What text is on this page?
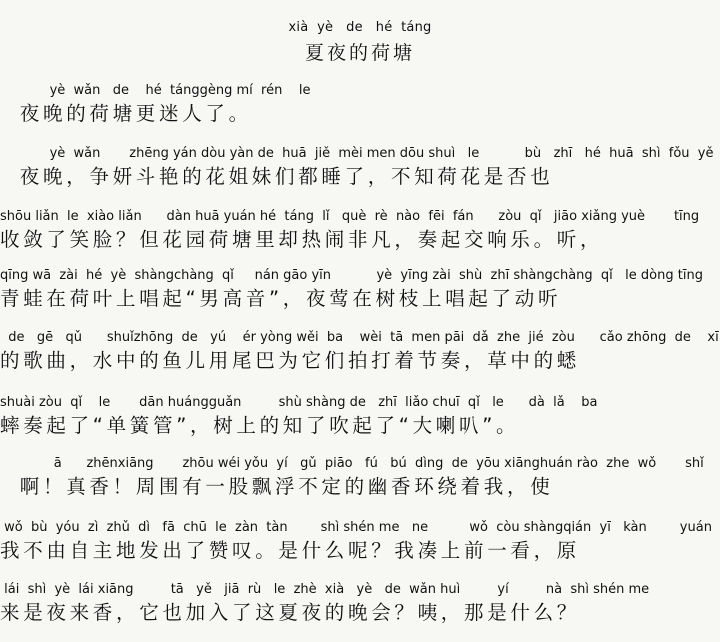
xià  yè   de   hé  táng
夏夜的荷塘
yè  wǎn   de    hé  tánggèng mí  rén    le
夜晚的荷塘更迷人了。
yè  wǎn       zhēng yán dòu yàn de  huā  jiě  mèi men dōu shuì   le           bù   zhī   hé  huā  shì  fǒu  yě
夜晚，争妍斗艳的花姐妹们都睡了，不知荷花是否也
shōu liǎn  le  xiào liǎn      dàn huā yuán hé  táng  lǐ   què  rè  nào  fēi  fán      zòu  qǐ   jiāo xiǎng yuè       tīng
收敛了笑脸？但花园荷塘里却热闹非凡，奏起交响乐。听，
qīng wā  zài  hé  yè  shàngchàng  qǐ     nán gāo yīn           yè  yīng zài  shù  zhī shàngchàng  qǐ   le dòng tīng
青蛙在荷叶上唱起“男高音”，夜莺在树枝上唱起了动听
de   gē   qǔ      shuǐzhōng  de   yú    ér yòng wěi  ba    wèi  tā  men pāi  dǎ  zhe  jié  zòu      cǎo zhōng  de    xī
的歌曲，水中的鱼儿用尾巴为它们拍打着节奏，草中的蟋
shuài zòu  qǐ    le       dān huángguǎn         shù shàng de   zhī  liǎo chuī  qǐ   le      dà  lǎ    ba
蟀奏起了“单簧管”，树上的知了吹起了“大喇叭”。
ā      zhēnxiāng       zhōu wéi yǒu  yí   gǔ  piāo   fú   bú  dìng  de  yōu xiānghuán rào  zhe  wǒ       shǐ
啊！真香！周围有一股飘浮不定的幽香环绕着我，使
wǒ  bù  yóu  zì  zhǔ  dì   fā  chū  le  zàn  tàn        shì shén me   ne          wǒ  còu shàngqián  yī   kàn        yuán
我不由自主地发出了赞叹。是什么呢？我凑上前一看，原
lái  shì  yè  lái xiāng         tā   yě   jiā  rù   le  zhè  xià   yè   de  wǎn huì         yí         nà  shì shén me
来是夜来香，它也加入了这夏夜的晚会？咦，那是什么？
